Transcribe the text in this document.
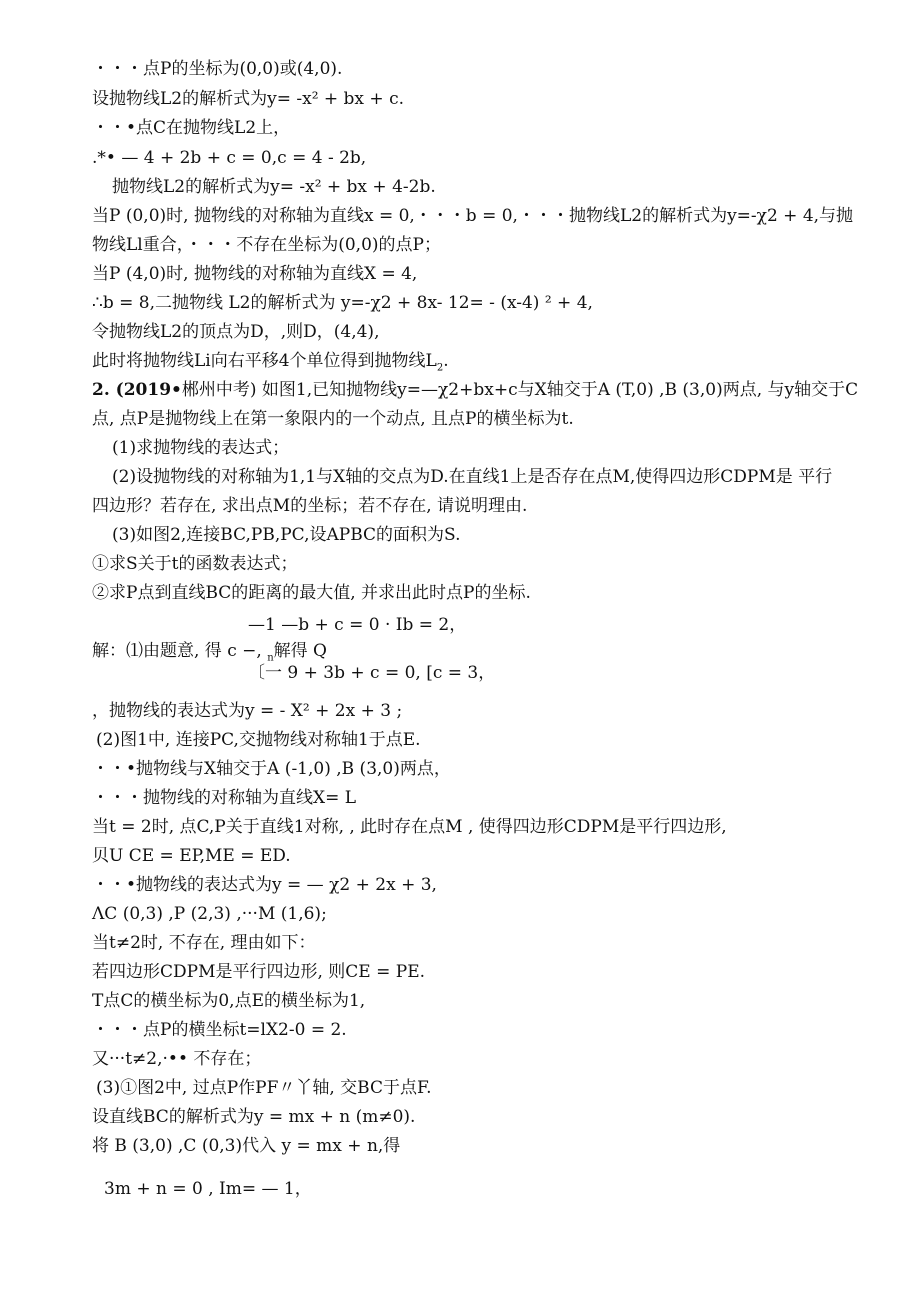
・・・点P的坐标为(0,0)或(4,0).
设抛物线L2的解析式为y= -x² + bx + c.
・・•点C在抛物线L2上，
.*• — 4 + 2b + c = 0,c = 4 - 2b,
抛物线L2的解析式为y= -x² + bx + 4-2b.
当P (0,0)时, 抛物线的对称轴为直线x = 0,・・・b = 0,・・・抛物线L2的解析式为y=-χ2 + 4,与抛
物线Ll重合，・・・不存在坐标为(0,0)的点P；
当P (4,0)时, 抛物线的对称轴为直线X = 4,
∴b = 8,二抛物线 L2的解析式为 y=-χ2 + 8x- 12= - (x-4) ² + 4,
令抛物线L2的顶点为D，,则D，(4,4),
此时将抛物线Li向右平移4个单位得到抛物线$L_2$.
2. (2019•郴州中考) 如图1,已知抛物线y=—χ2+bx+c与X轴交于A (T,0) ,B (3,0)两点, 与y轴交于C
点, 点P是抛物线上在第一象限内的一个动点, 且点P的横坐标为t.
(1)求抛物线的表达式；
(2)设抛物线的对称轴为1,1与X轴的交点为D.在直线1上是否存在点M,使得四边形CDPM是 平行
四边形？若存在, 求出点M的坐标；若不存在, 请说明理由.
(3)如图2,连接BC,PB,PC,设APBC的面积为S.
①求S关于t的函数表达式；
②求P点到直线BC的距离的最大值, 并求出此时点P的坐标.
—1 —b + c = 0 · Ib = 2，
解：⑴由题意, 得 c −, $_n$解得 Q
〔一 9 + 3b + c = 0, [c = 3，
，抛物线的表达式为y = - X² + 2x + 3 ;
(2)图1中, 连接PC,交抛物线对称轴1于点E.
・・•抛物线与X轴交于A (-1,0) ,B (3,0)两点，
・・・抛物线的对称轴为直线X= L
当t = 2时, 点C,P关于直线1对称, , 此时存在点M , 使得四边形CDPM是平行四边形,
贝U CE = EP,ME = ED.
・・•抛物线的表达式为y = — χ2 + 2x + 3,
ΛC (0,3) ,P (2,3) ,···M (1,6);
当t≠2时, 不存在, 理由如下：
若四边形CDPM是平行四边形, 则CE = PE.
T点C的横坐标为0,点E的横坐标为1,
・・・点P的横坐标t=lX2-0 = 2.
又···t≠2,·•• 不存在；
(3)①图2中, 过点P作PF〃丫轴, 交BC于点F.
设直线BC的解析式为y = mx + n (m≠0).
将 B (3,0) ,C (0,3)代入 y = mx + n,得
3m + n = 0 , Im= — 1，
